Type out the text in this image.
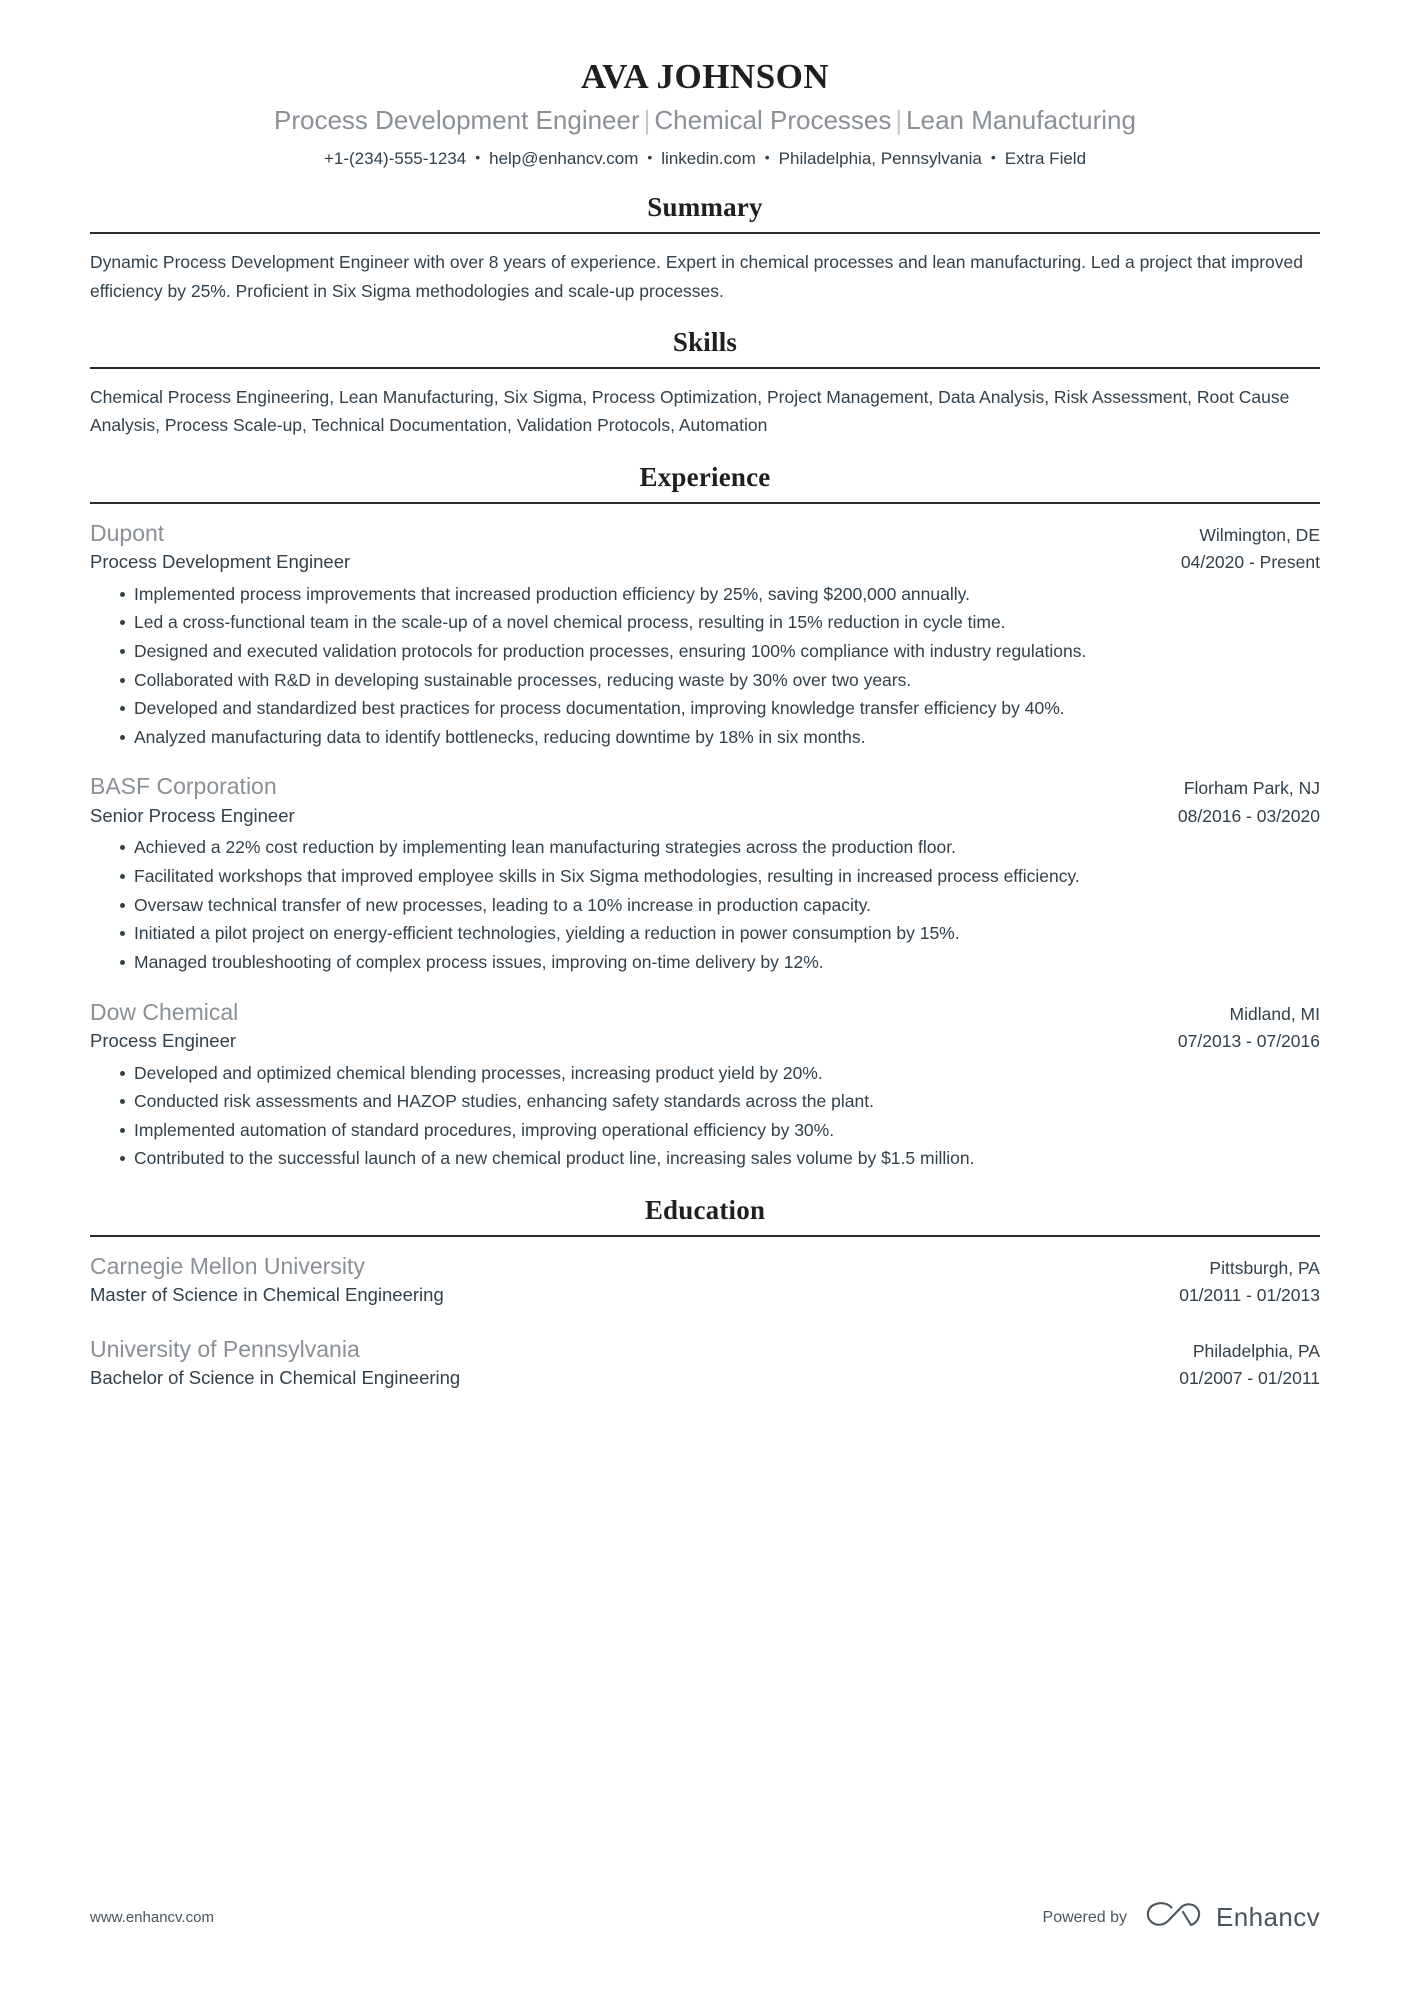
AVA JOHNSON
Process Development Engineer | Chemical Processes | Lean Manufacturing
+1-(234)-555-1234 • help@enhancv.com • linkedin.com • Philadelphia, Pennsylvania • Extra Field
Summary
Dynamic Process Development Engineer with over 8 years of experience. Expert in chemical processes and lean manufacturing. Led a project that improved efficiency by 25%. Proficient in Six Sigma methodologies and scale-up processes.
Skills
Chemical Process Engineering, Lean Manufacturing, Six Sigma, Process Optimization, Project Management, Data Analysis, Risk Assessment, Root Cause Analysis, Process Scale-up, Technical Documentation, Validation Protocols, Automation
Experience
Dupont	Wilmington, DE
Process Development Engineer	04/2020 - Present
Implemented process improvements that increased production efficiency by 25%, saving $200,000 annually.
Led a cross-functional team in the scale-up of a novel chemical process, resulting in 15% reduction in cycle time.
Designed and executed validation protocols for production processes, ensuring 100% compliance with industry regulations.
Collaborated with R&D in developing sustainable processes, reducing waste by 30% over two years.
Developed and standardized best practices for process documentation, improving knowledge transfer efficiency by 40%.
Analyzed manufacturing data to identify bottlenecks, reducing downtime by 18% in six months.
BASF Corporation	Florham Park, NJ
Senior Process Engineer	08/2016 - 03/2020
Achieved a 22% cost reduction by implementing lean manufacturing strategies across the production floor.
Facilitated workshops that improved employee skills in Six Sigma methodologies, resulting in increased process efficiency.
Oversaw technical transfer of new processes, leading to a 10% increase in production capacity.
Initiated a pilot project on energy-efficient technologies, yielding a reduction in power consumption by 15%.
Managed troubleshooting of complex process issues, improving on-time delivery by 12%.
Dow Chemical	Midland, MI
Process Engineer	07/2013 - 07/2016
Developed and optimized chemical blending processes, increasing product yield by 20%.
Conducted risk assessments and HAZOP studies, enhancing safety standards across the plant.
Implemented automation of standard procedures, improving operational efficiency by 30%.
Contributed to the successful launch of a new chemical product line, increasing sales volume by $1.5 million.
Education
Carnegie Mellon University	Pittsburgh, PA
Master of Science in Chemical Engineering	01/2011 - 01/2013
University of Pennsylvania	Philadelphia, PA
Bachelor of Science in Chemical Engineering	01/2007 - 01/2011
www.enhancv.com	Powered by	Enhancv
